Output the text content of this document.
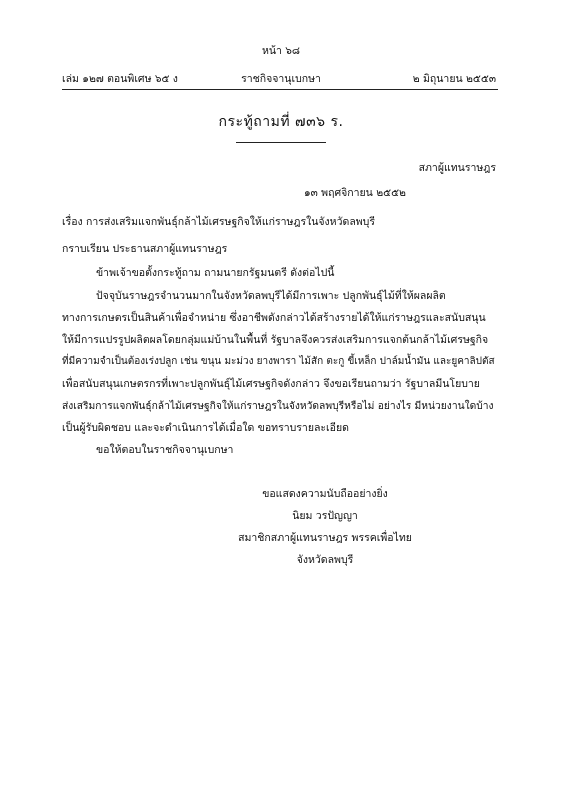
หน้า ๖๘
เล่ม ๑๒๗ ตอนพิเศษ ๖๕ ง	ราชกิจจานุเบกษา	๒ มิถุนายน ๒๕๕๓
กระทู้ถามที่ ๗๓๖ ร.
สภาผู้แทนราษฎร
๑๓ พฤศจิกายน ๒๕๕๒
เรื่อง การส่งเสริมแจกพันธุ์กล้าไม้เศรษฐกิจให้แก่ราษฎรในจังหวัดลพบุรี
กราบเรียน ประธานสภาผู้แทนราษฎร
ข้าพเจ้าขอตั้งกระทู้ถาม ถามนายกรัฐมนตรี ดังต่อไปนี้
ปัจจุบันราษฎรจำนวนมากในจังหวัดลพบุรีได้มีการเพาะ ปลูกพันธุ์ไม้ที่ให้ผลผลิต
ทางการเกษตรเป็นสินค้าเพื่อจำหน่าย ซึ่งอาชีพดังกล่าวได้สร้างรายได้ให้แก่ราษฎรและสนับสนุน
ให้มีการแปรรูปผลิตผลโดยกลุ่มแม่บ้านในพื้นที่ รัฐบาลจึงควรส่งเสริมการแจกต้นกล้าไม้เศรษฐกิจ
ที่มีความจำเป็นต้องเร่งปลูก เช่น ขนุน มะม่วง ยางพารา ไม้สัก ตะกู ขี้เหล็ก ปาล์มน้ำมัน และยูคาลิปตัส
เพื่อสนับสนุนเกษตรกรที่เพาะปลูกพันธุ์ไม้เศรษฐกิจดังกล่าว จึงขอเรียนถามว่า รัฐบาลมีนโยบาย
ส่งเสริมการแจกพันธุ์กล้าไม้เศรษฐกิจให้แก่ราษฎรในจังหวัดลพบุรีหรือไม่ อย่างไร มีหน่วยงานใดบ้าง
เป็นผู้รับผิดชอบ และจะดำเนินการได้เมื่อใด ขอทราบรายละเอียด
ขอให้ตอบในราชกิจจานุเบกษา
ขอแสดงความนับถืออย่างยิ่ง
นิยม วรปัญญา
สมาชิกสภาผู้แทนราษฎร พรรคเพื่อไทย
จังหวัดลพบุรี
